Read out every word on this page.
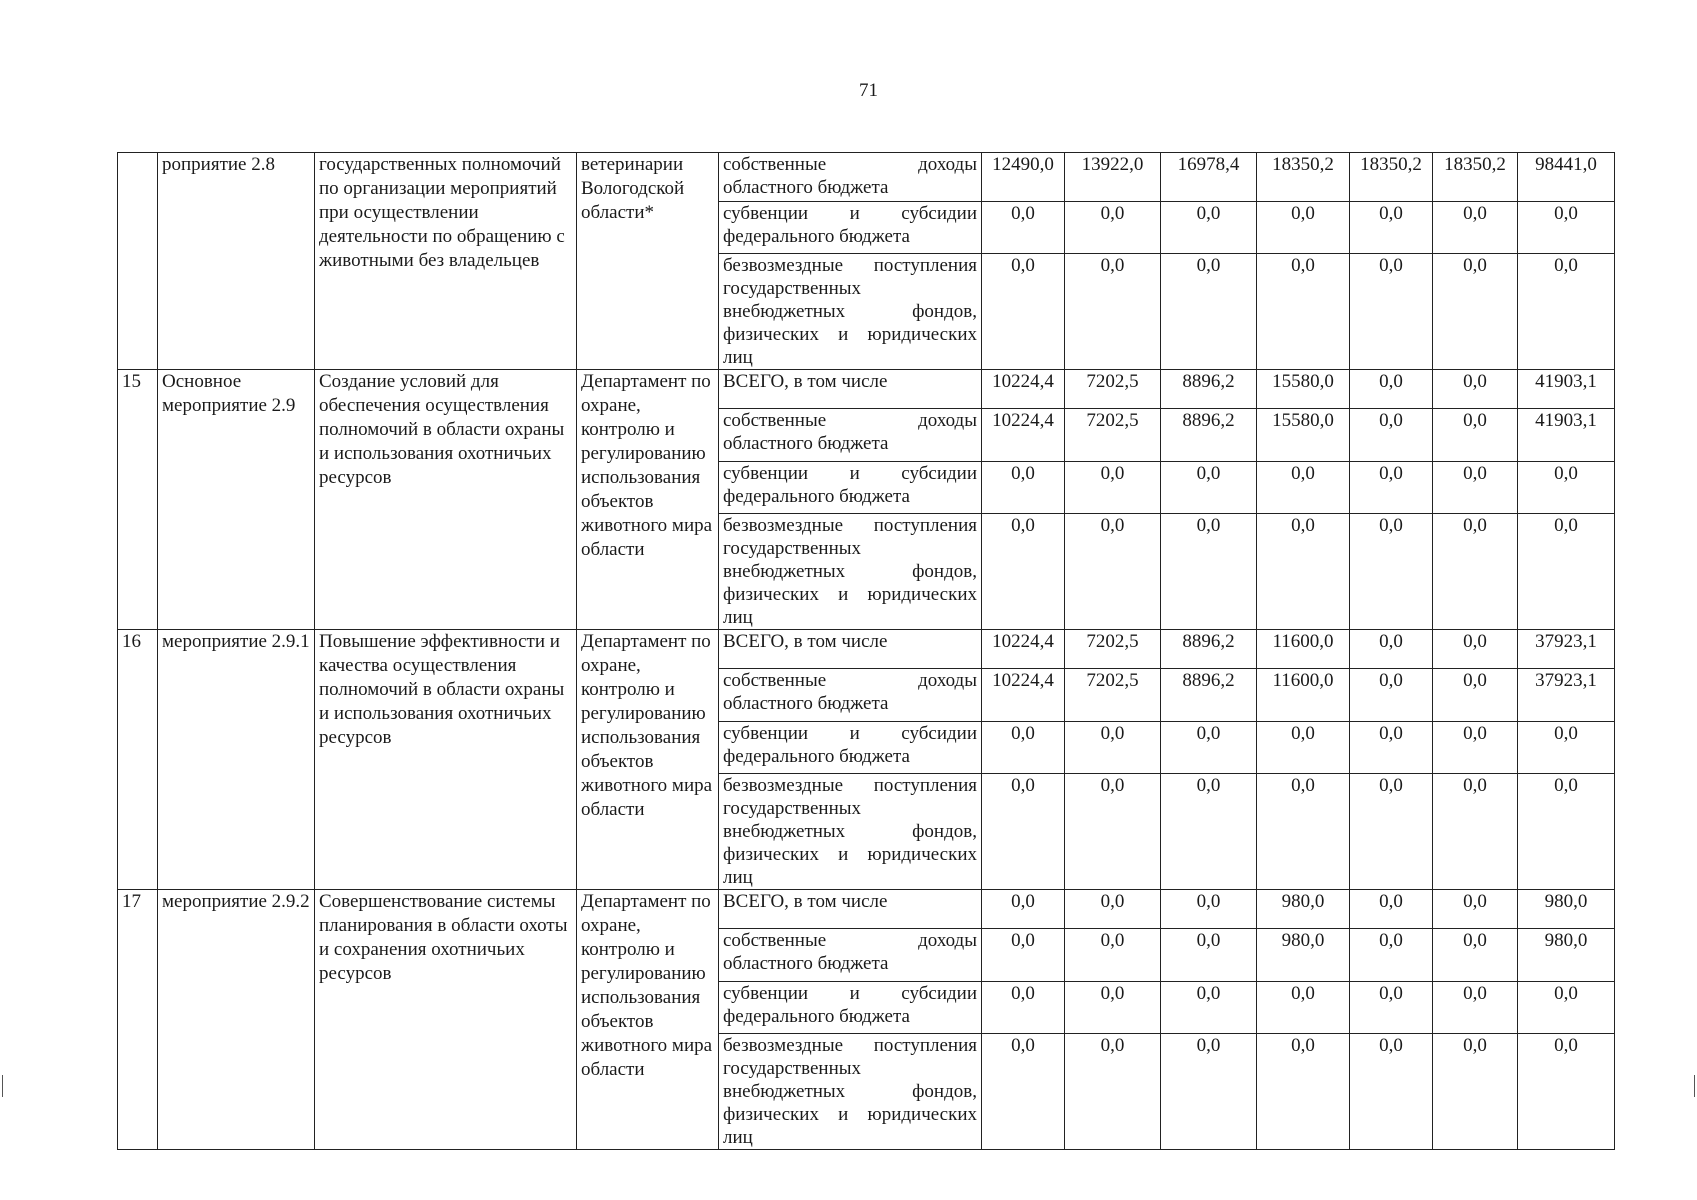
71
	роприятие 2.8	государственных полномочий по организации мероприятий при осуществлении деятельности по обращению с животными без владельцев	ветеринарии Вологодской области*	собственные доходы областного бюджета	12490,0	13922,0	16978,4	18350,2	18350,2	18350,2	98441,0
				субвенции и субсидии федерального бюджета	0,0	0,0	0,0	0,0	0,0	0,0	0,0
				безвозмездные поступления государственных внебюджетных фондов, физических и юридических лиц	0,0	0,0	0,0	0,0	0,0	0,0	0,0
15	Основное мероприятие 2.9	Создание условий для обеспечения осуществления полномочий в области охраны и использования охотничьих ресурсов	Департамент по охране, контролю и регулированию использования объектов животного мира области	ВСЕГО, в том числе	10224,4	7202,5	8896,2	15580,0	0,0	0,0	41903,1
				собственные доходы областного бюджета	10224,4	7202,5	8896,2	15580,0	0,0	0,0	41903,1
				субвенции и субсидии федерального бюджета	0,0	0,0	0,0	0,0	0,0	0,0	0,0
				безвозмездные поступления государственных внебюджетных фондов, физических и юридических лиц	0,0	0,0	0,0	0,0	0,0	0,0	0,0
16	мероприятие 2.9.1	Повышение эффективности и качества осуществления полномочий в области охраны и использования охотничьих ресурсов	Департамент по охране, контролю и регулированию использования объектов животного мира области	ВСЕГО, в том числе	10224,4	7202,5	8896,2	11600,0	0,0	0,0	37923,1
				собственные доходы областного бюджета	10224,4	7202,5	8896,2	11600,0	0,0	0,0	37923,1
				субвенции и субсидии федерального бюджета	0,0	0,0	0,0	0,0	0,0	0,0	0,0
				безвозмездные поступления государственных внебюджетных фондов, физических и юридических лиц	0,0	0,0	0,0	0,0	0,0	0,0	0,0
17	мероприятие 2.9.2	Совершенствование системы планирования в области охоты и сохранения охотничьих ресурсов	Департамент по охране, контролю и регулированию использования объектов животного мира области	ВСЕГО, в том числе	0,0	0,0	0,0	980,0	0,0	0,0	980,0
				собственные доходы областного бюджета	0,0	0,0	0,0	980,0	0,0	0,0	980,0
				субвенции и субсидии федерального бюджета	0,0	0,0	0,0	0,0	0,0	0,0	0,0
				безвозмездные поступления государственных внебюджетных фондов, физических и юридических лиц	0,0	0,0	0,0	0,0	0,0	0,0	0,0
